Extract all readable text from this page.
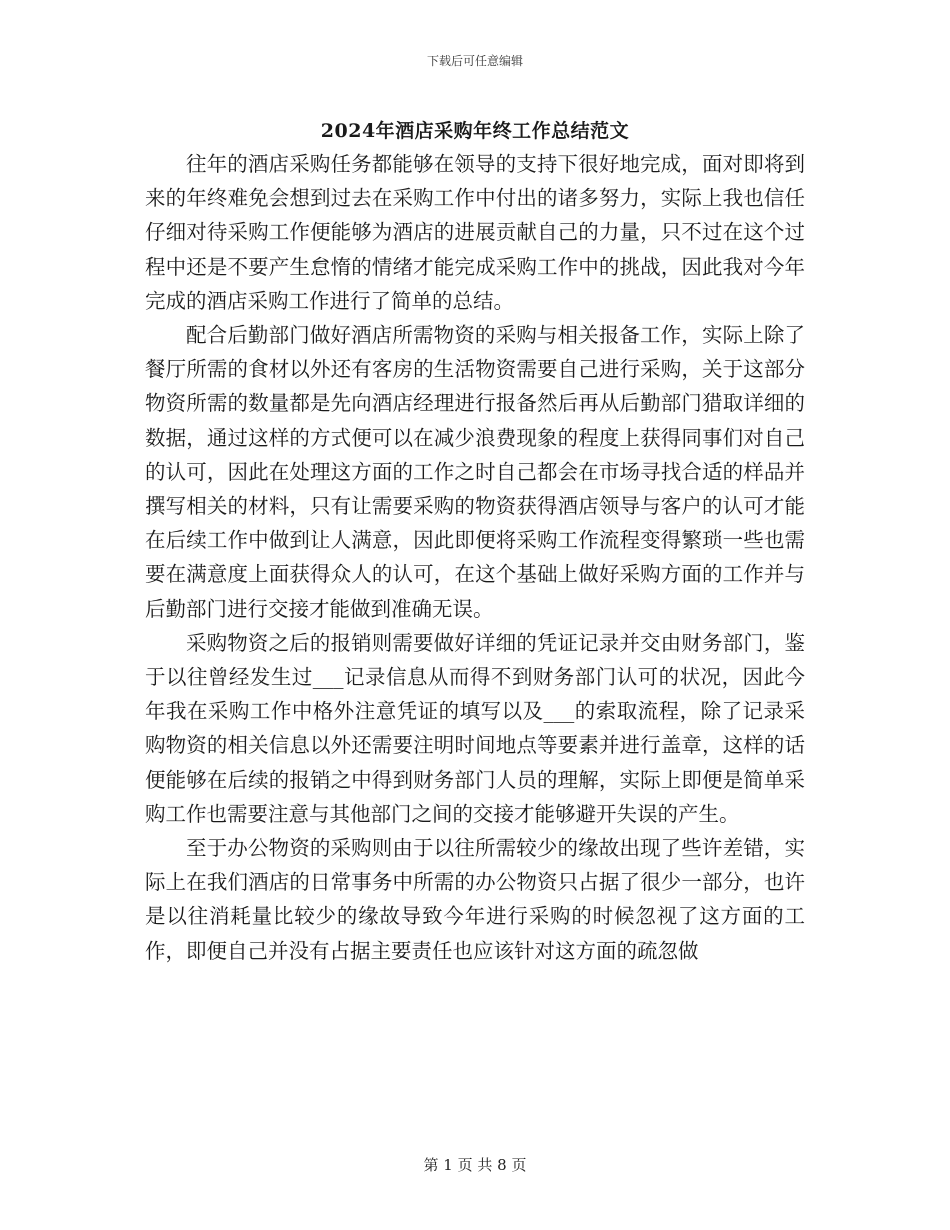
下载后可任意编辑
2024年酒店采购年终工作总结范文

往年的酒店采购任务都能够在领导的支持下很好地完成，面对即将到来的年终难免会想到过去在采购工作中付出的诸多努力，实际上我也信任仔细对待采购工作便能够为酒店的进展贡献自己的力量，只不过在这个过程中还是不要产生怠惰的情绪才能完成采购工作中的挑战，因此我对今年完成的酒店采购工作进行了简单的总结。

配合后勤部门做好酒店所需物资的采购与相关报备工作，实际上除了餐厅所需的食材以外还有客房的生活物资需要自己进行采购，关于这部分物资所需的数量都是先向酒店经理进行报备然后再从后勤部门猎取详细的数据，通过这样的方式便可以在减少浪费现象的程度上获得同事们对自己的认可，因此在处理这方面的工作之时自己都会在市场寻找合适的样品并撰写相关的材料，只有让需要采购的物资获得酒店领导与客户的认可才能在后续工作中做到让人满意，因此即便将采购工作流程变得繁琐一些也需要在满意度上面获得众人的认可，在这个基础上做好采购方面的工作并与后勤部门进行交接才能做到准确无误。

采购物资之后的报销则需要做好详细的凭证记录并交由财务部门，鉴于以往曾经发生过___记录信息从而得不到财务部门认可的状况，因此今年我在采购工作中格外注意凭证的填写以及___的索取流程，除了记录采购物资的相关信息以外还需要注明时间地点等要素并进行盖章，这样的话便能够在后续的报销之中得到财务部门人员的理解，实际上即便是简单采购工作也需要注意与其他部门之间的交接才能够避开失误的产生。

至于办公物资的采购则由于以往所需较少的缘故出现了些许差错，实际上在我们酒店的日常事务中所需的办公物资只占据了很少一部分，也许是以往消耗量比较少的缘故导致今年进行采购的时候忽视了这方面的工作，即便自己并没有占据主要责任也应该针对这方面的疏忽做

第 1 页 共 8 页
